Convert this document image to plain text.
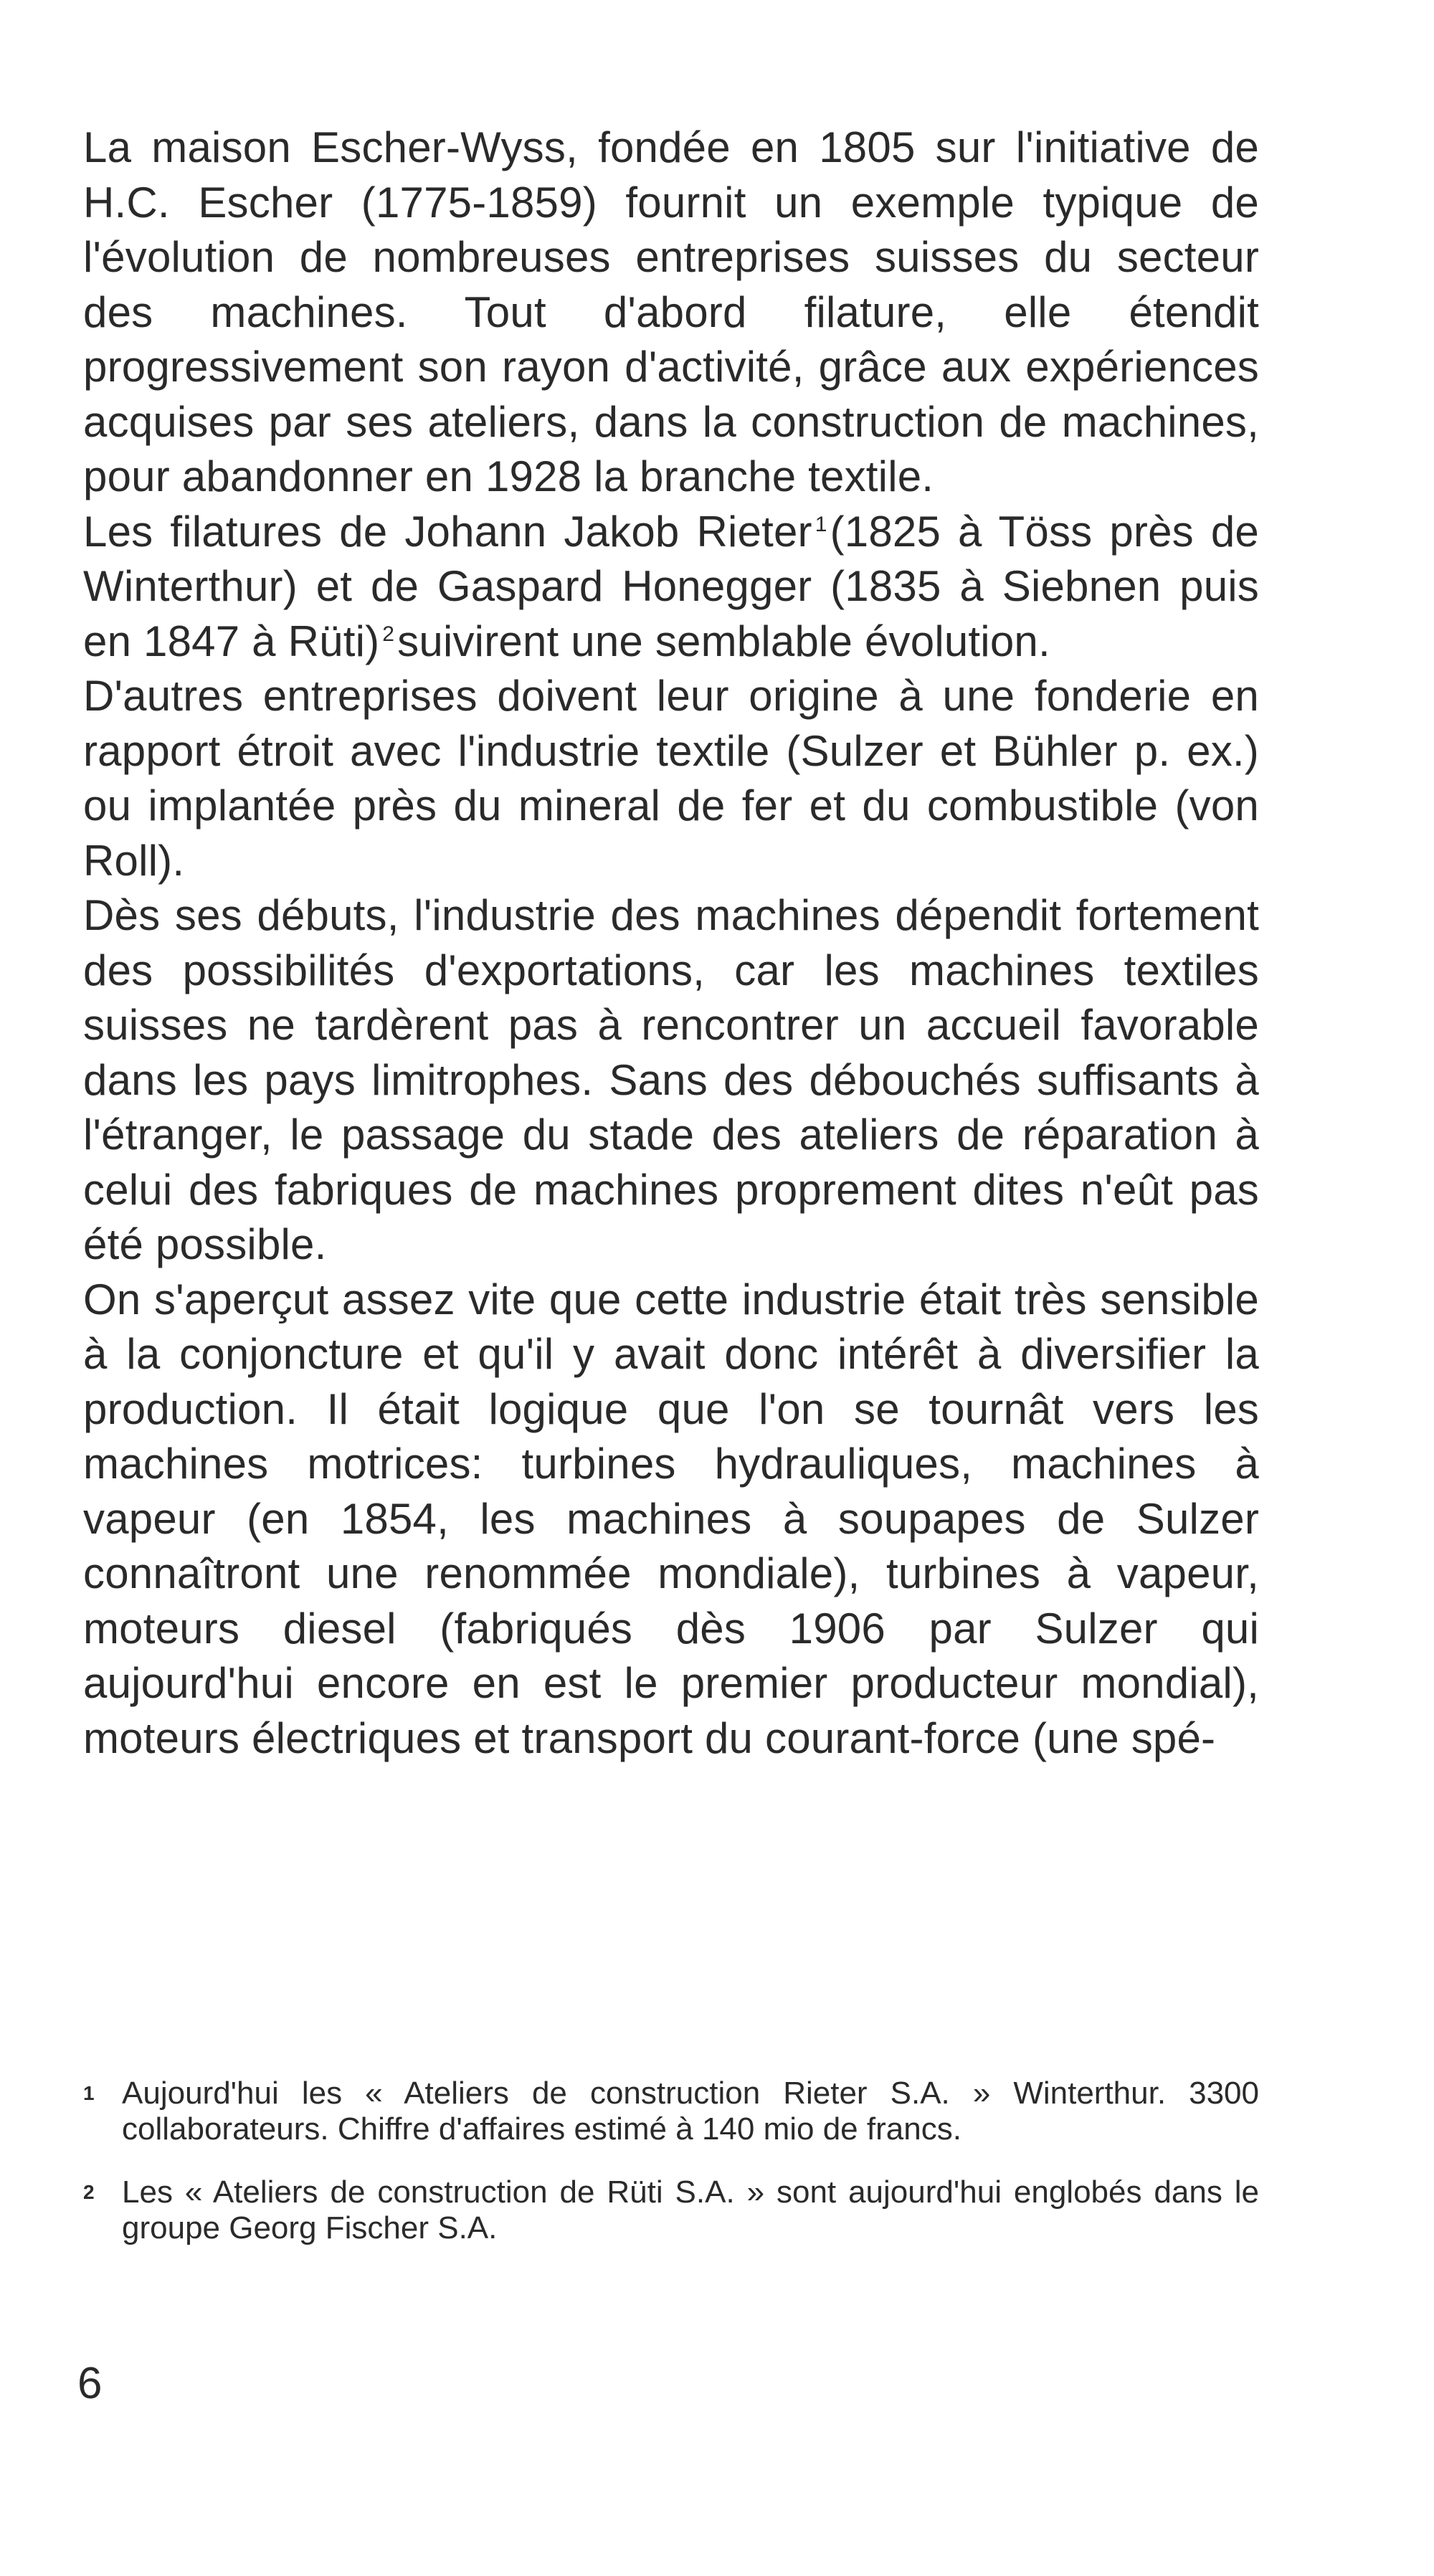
La maison Escher-Wyss, fondée en 1805 sur l'initiative de H.C. Escher (1775-1859) fournit un exemple typique de l'évolution de nombreuses entreprises suisses du secteur des machines. Tout d'abord filature, elle étendit progressivement son rayon d'activité, grâce aux expériences acquises par ses ateliers, dans la construction de machines, pour abandonner en 1928 la branche textile.

Les filatures de Johann Jakob Rieter $^1$(1825 à Töss près de Winterthur) et de Gaspard Honegger (1835 à Siebnen puis en 1847 à Rüti) $^2$suivirent une semblable évolution.

D'autres entreprises doivent leur origine à une fonderie en rapport étroit avec l'industrie textile (Sulzer et Bühler p. ex.) ou implantée près du mineral de fer et du combustible (von Roll).

Dès ses débuts, l'industrie des machines dépendit fortement des possibilités d'exportations, car les machines textiles suisses ne tardèrent pas à rencontrer un accueil favorable dans les pays limitrophes. Sans des débouchés suffisants à l'étranger, le passage du stade des ateliers de réparation à celui des fabriques de machines proprement dites n'eût pas été possible.

On s'aperçut assez vite que cette industrie était très sensible à la conjoncture et qu'il y avait donc intérêt à diversifier la production. Il était logique que l'on se tournât vers les machines motrices: turbines hydrauliques, machines à vapeur (en 1854, les machines à soupapes de Sulzer connaîtront une renommée mondiale), turbines à vapeur, moteurs diesel (fabriqués dès 1906 par Sulzer qui aujourd'hui encore en est le premier producteur mondial), moteurs électriques et transport du courant-force (une spé-

1 Aujourd'hui les « Ateliers de construction Rieter S.A. » Winterthur. 3300 collaborateurs. Chiffre d'affaires estimé à 140 mio de francs.
2 Les « Ateliers de construction de Rüti S.A. » sont aujourd'hui englobés dans le groupe Georg Fischer S.A.
6
